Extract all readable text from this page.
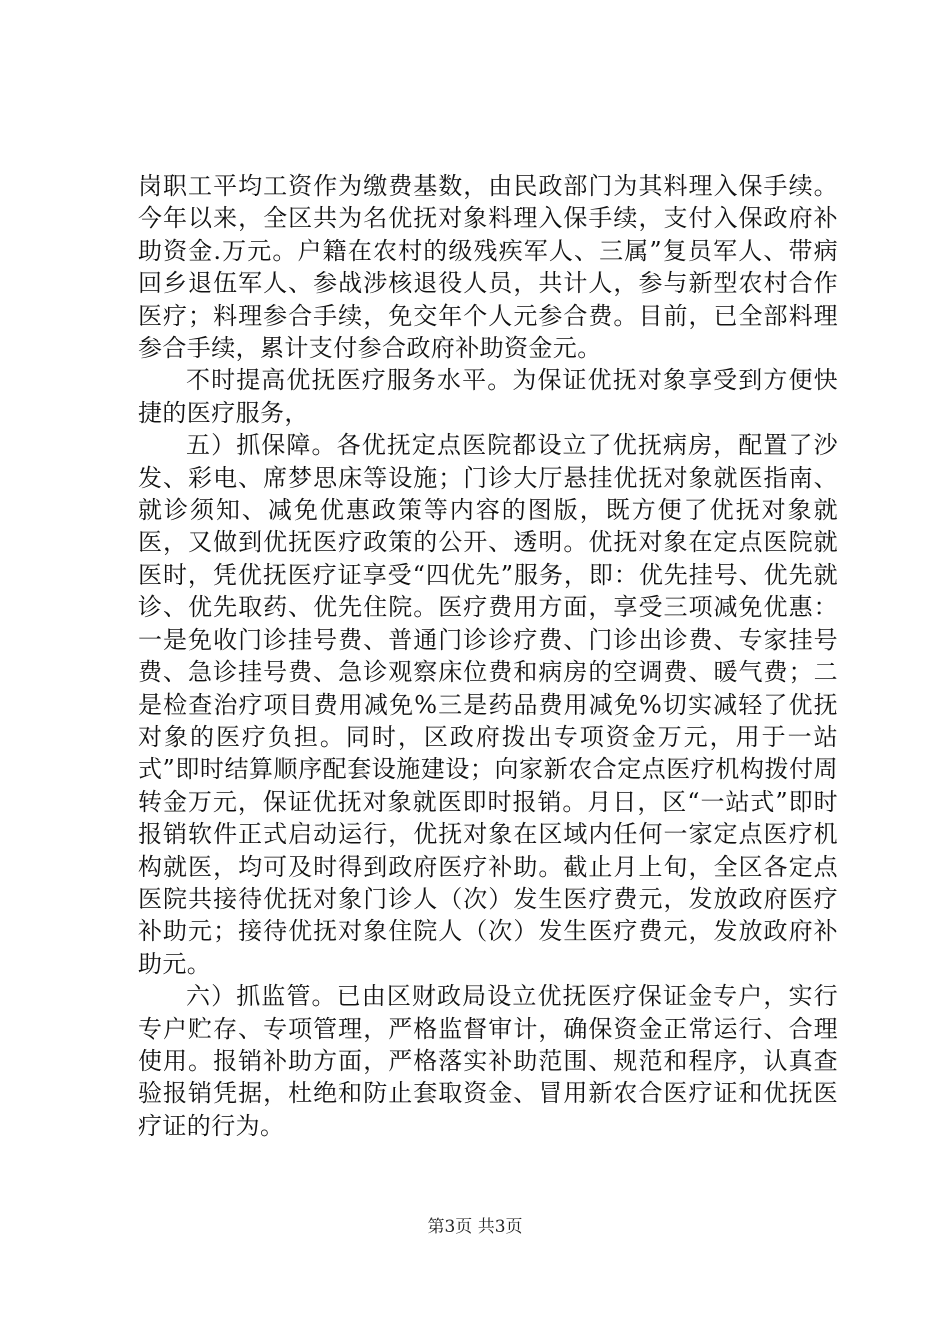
岗职工平均工资作为缴费基数，由民政部门为其料理入保手续。今年以来，全区共为名优抚对象料理入保手续，支付入保政府补助资金.万元。户籍在农村的级残疾军人、三属”复员军人、带病回乡退伍军人、参战涉核退役人员，共计人，参与新型农村合作医疗；料理参合手续，免交年个人元参合费。目前，已全部料理参合手续，累计支付参合政府补助资金元。

不时提高优抚医疗服务水平。为保证优抚对象享受到方便快捷的医疗服务，

五）抓保障。各优抚定点医院都设立了优抚病房，配置了沙发、彩电、席梦思床等设施；门诊大厅悬挂优抚对象就医指南、就诊须知、减免优惠政策等内容的图版，既方便了优抚对象就医，又做到优抚医疗政策的公开、透明。优抚对象在定点医院就医时，凭优抚医疗证享受“四优先”服务，即：优先挂号、优先就诊、优先取药、优先住院。医疗费用方面，享受三项减免优惠：一是免收门诊挂号费、普通门诊诊疗费、门诊出诊费、专家挂号费、急诊挂号费、急诊观察床位费和病房的空调费、暖气费；二是检查治疗项目费用减免%三是药品费用减免%切实减轻了优抚对象的医疗负担。同时，区政府拨出专项资金万元，用于一站式”即时结算顺序配套设施建设；向家新农合定点医疗机构拨付周转金万元，保证优抚对象就医即时报销。月日，区“一站式”即时报销软件正式启动运行，优抚对象在区域内任何一家定点医疗机构就医，均可及时得到政府医疗补助。截止月上旬，全区各定点医院共接待优抚对象门诊人（次）发生医疗费元，发放政府医疗补助元；接待优抚对象住院人（次）发生医疗费元，发放政府补助元。

六）抓监管。已由区财政局设立优抚医疗保证金专户，实行专户贮存、专项管理，严格监督审计，确保资金正常运行、合理使用。报销补助方面，严格落实补助范围、规范和程序，认真查验报销凭据，杜绝和防止套取资金、冒用新农合医疗证和优抚医疗证的行为。

第3页 共3页
